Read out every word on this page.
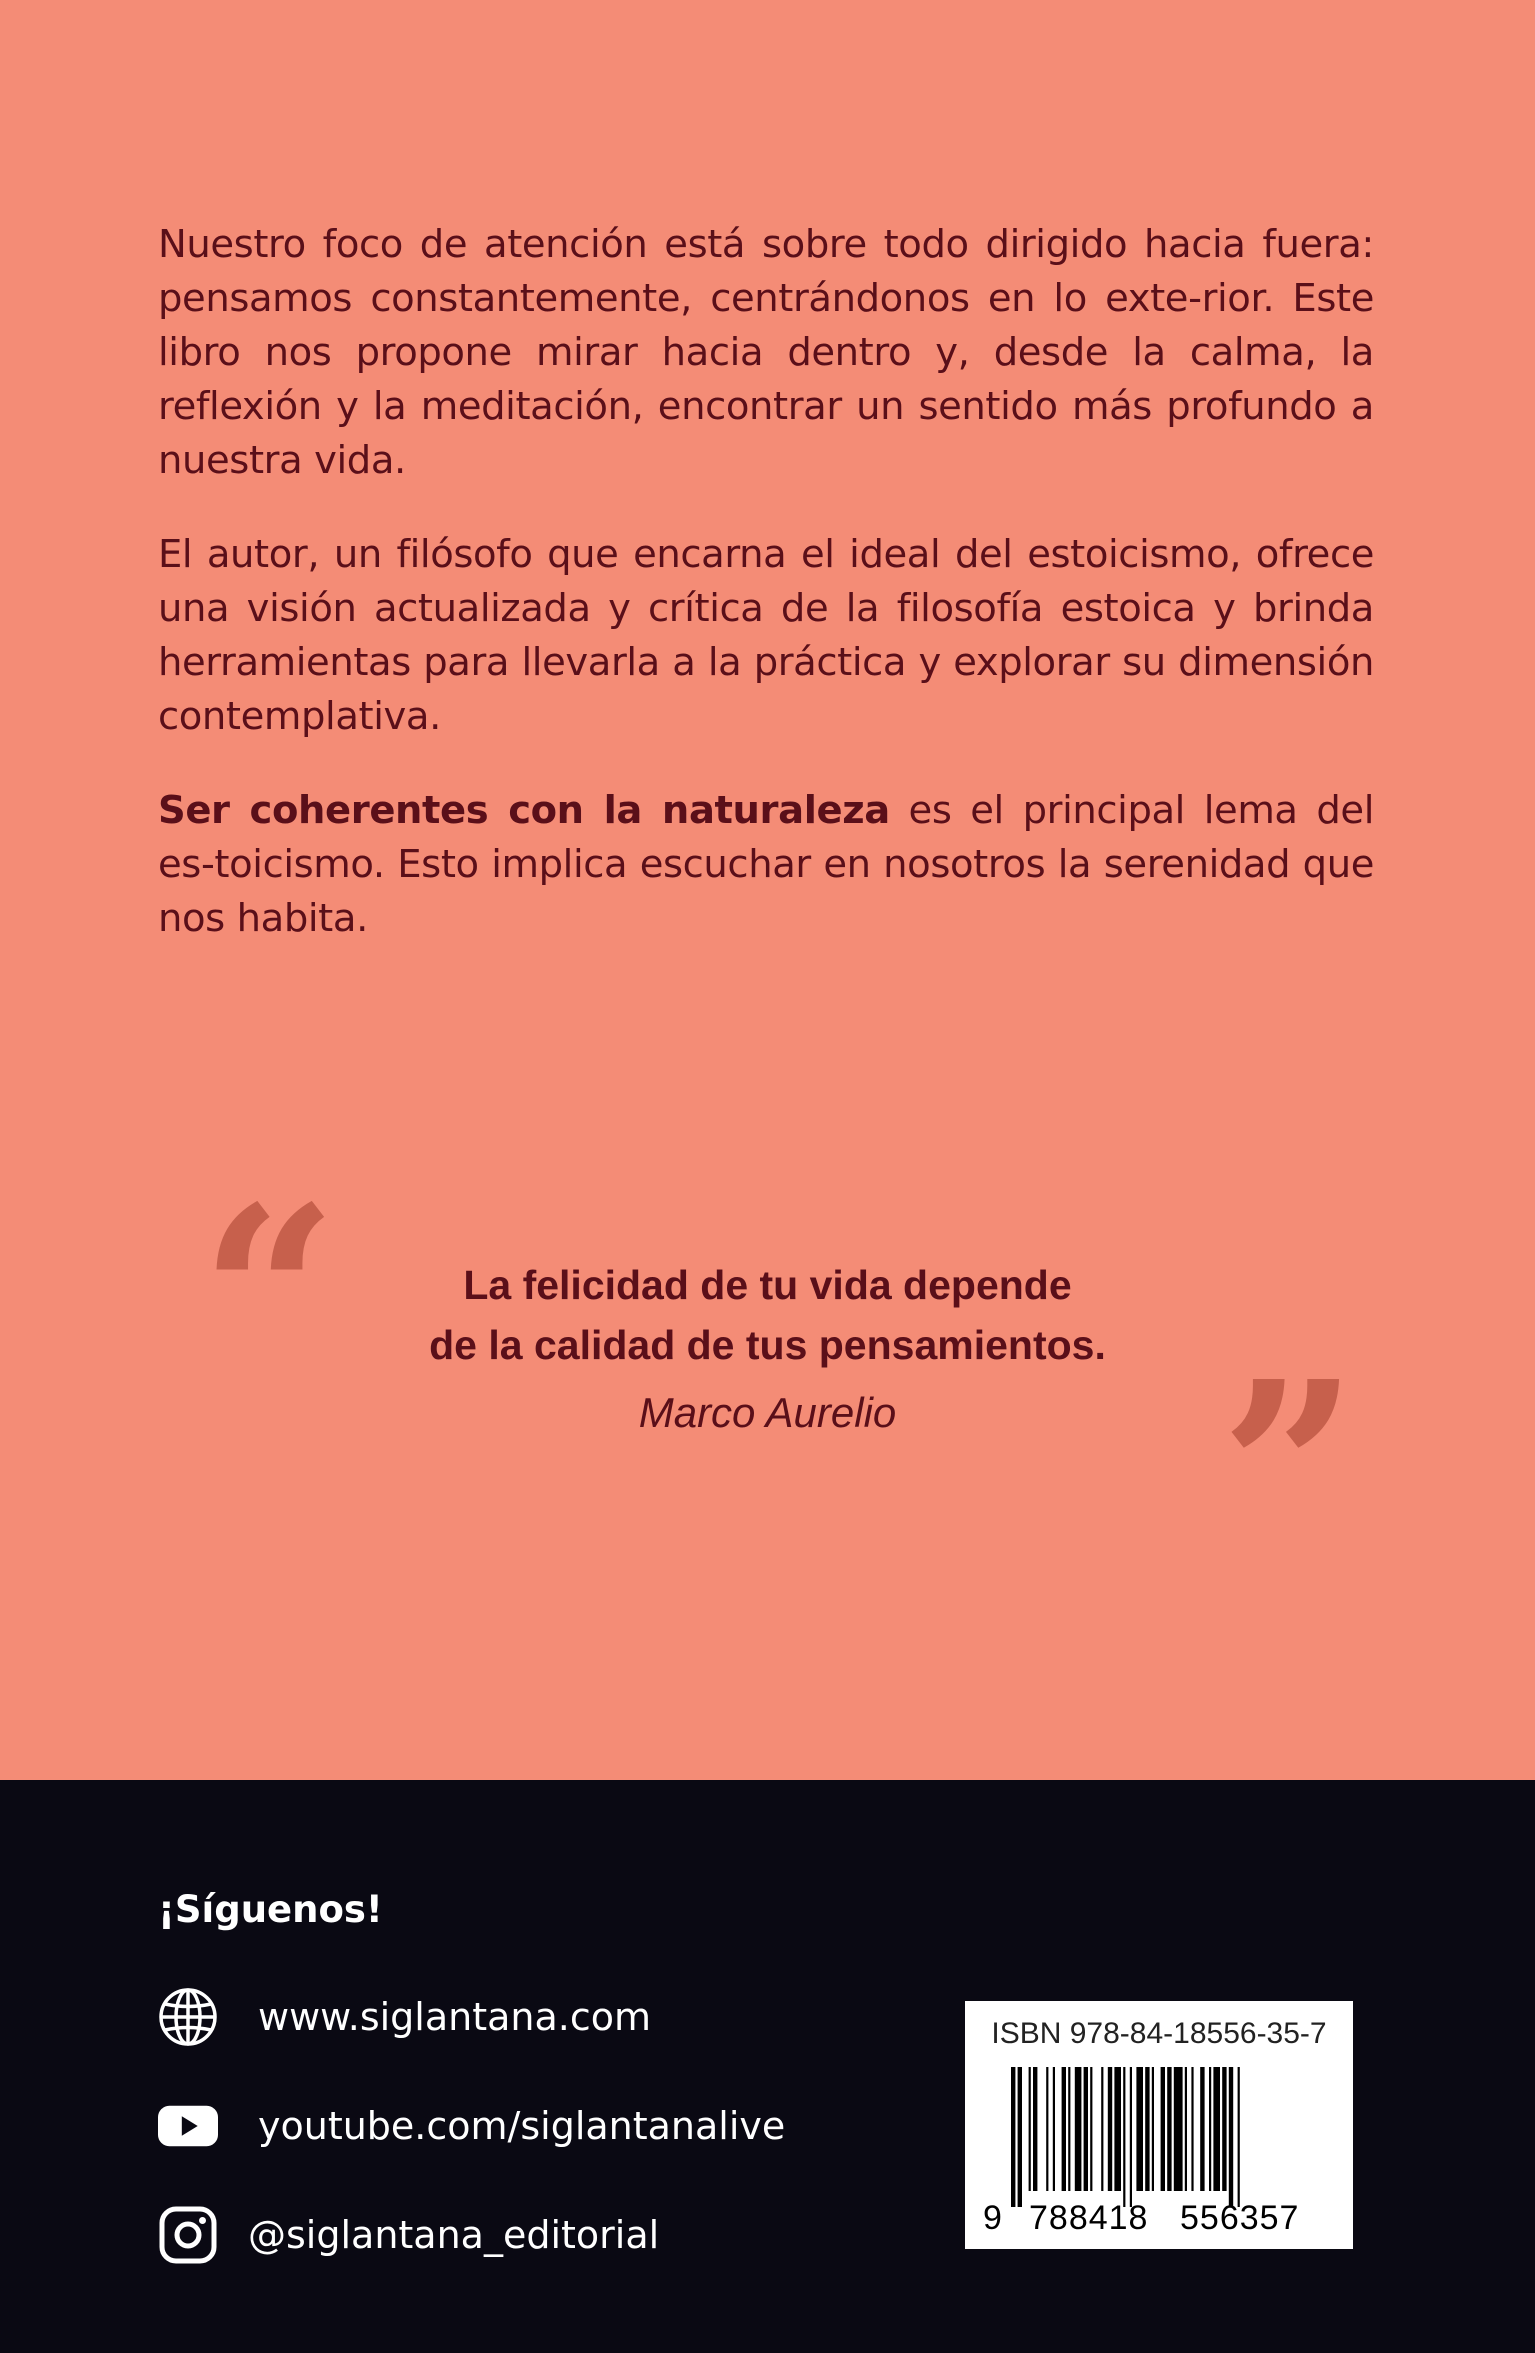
Nuestro foco de atención está sobre todo dirigido hacia fuera: pensamos constantemente, centrándonos en lo exte-rior. Este libro nos propone mirar hacia dentro y, desde la calma, la reflexión y la meditación, encontrar un sentido más profundo a nuestra vida.

El autor, un filósofo que encarna el ideal del estoicismo, ofrece una visión actualizada y crítica de la filosofía estoica y brinda herramientas para llevarla a la práctica y explorar su dimensión contemplativa.

Ser coherentes con la naturaleza es el principal lema del es-toicismo. Esto implica escuchar en nosotros la serenidad que nos habita.

“	La felicidad de tu vida depende
de la calidad de tus pensamientos.
Marco Aurelio	”
¡Síguenos!
www.siglantana.com
youtube.com/siglantanalive
@siglantana_editorial
ISBN 978-84-18556-35-7
9 788418 556357
